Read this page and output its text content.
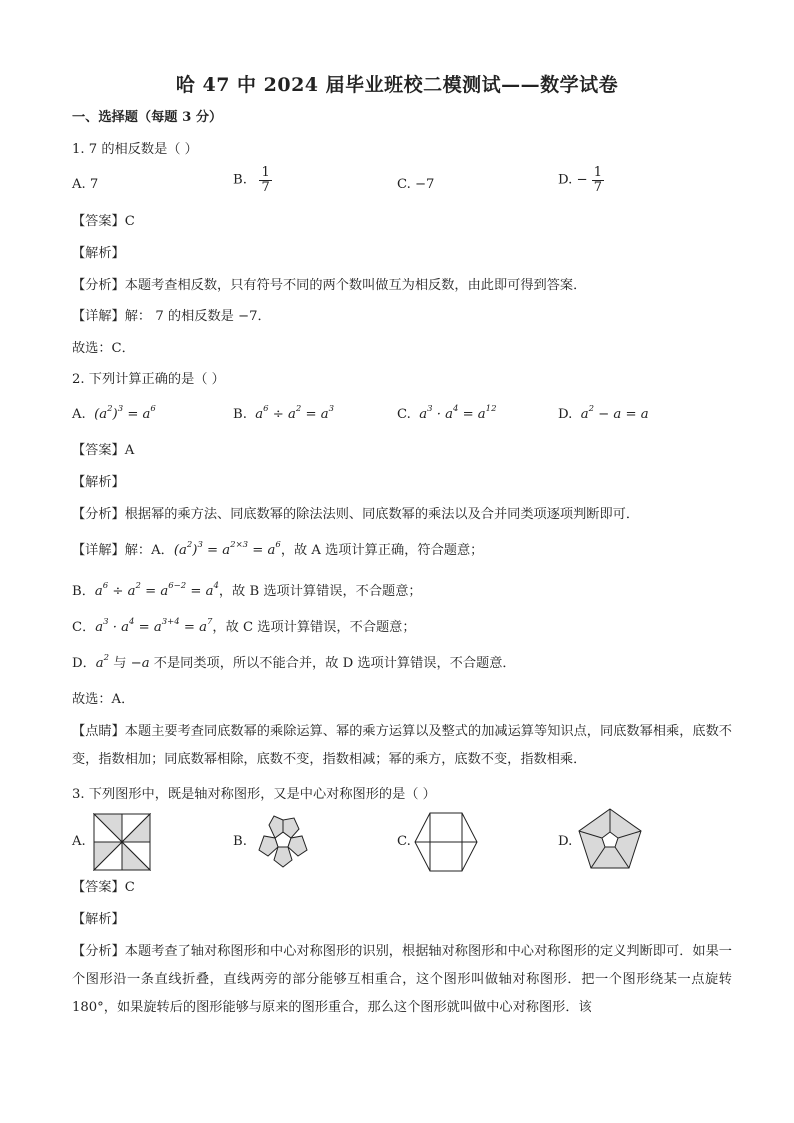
哈 47 中 2024 届毕业班校二模测试——数学试卷
一、选择题（每题 3 分）
1. 7 的相反数是（ ）
A. 7	B. $\frac{1}{7}$	C. −7	D. − $\frac{1}{7}$
【答案】C
【解析】
【分析】本题考查相反数，只有符号不同的两个数叫做互为相反数，由此即可得到答案．
【详解】解： 7 的相反数是 −7．
故选：C．
2. 下列计算正确的是（ ）
A. $(a^2)^3 = a^6$	B. $a^6 \div a^2 = a^3$	C. $a^3 \cdot a^4 = a^{12}$	D. $a^2 - a = a$
【答案】A
【解析】
【分析】根据幂的乘方法、同底数幂的除法法则、同底数幂的乘法以及合并同类项逐项判断即可．
【详解】解：A．$(a^2)^3 = a^{2\times 3} = a^6$，故 A 选项计算正确，符合题意；
B．$a^6 \div a^2 = a^{6-2} = a^4$，故 B 选项计算错误，不合题意；
C．$a^3 \cdot a^4 = a^{3+4} = a^7$，故 C 选项计算错误，不合题意；
D．$a^2$ 与 −a 不是同类项，所以不能合并，故 D 选项计算错误，不合题意．
故选：A．
【点睛】本题主要考查同底数幂的乘除运算、幂的乘方运算以及整式的加减运算等知识点，同底数幂相乘，底数不变，指数相加；同底数幂相除，底数不变，指数相减；幂的乘方，底数不变，指数相乘．
3. 下列图形中，既是轴对称图形，又是中心对称图形的是（ ）
A.	B.	C.	D.
【答案】C
【解析】
【分析】本题考查了轴对称图形和中心对称图形的识别，根据轴对称图形和中心对称图形的定义判断即可．如果一个图形沿一条直线折叠，直线两旁的部分能够互相重合，这个图形叫做轴对称图形．把一个图形绕某一点旋转 180°，如果旋转后的图形能够与原来的图形重合，那么这个图形就叫做中心对称图形．该
